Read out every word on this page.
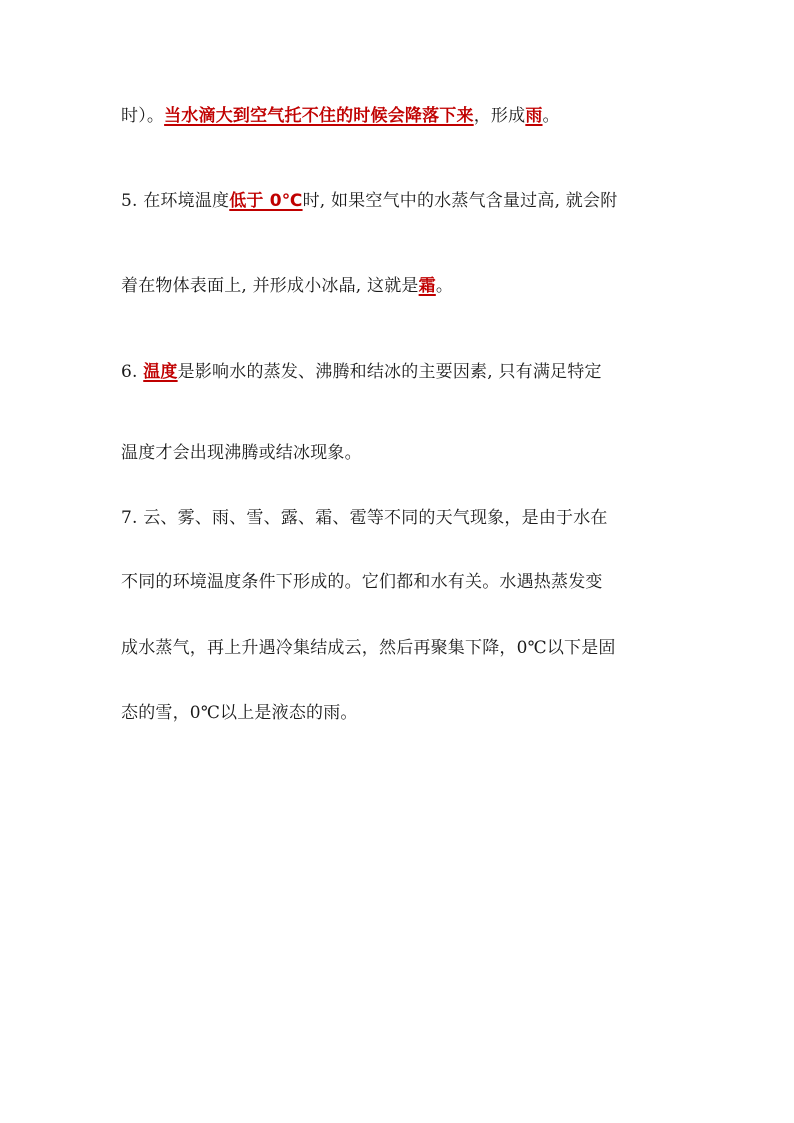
时）。当水滴大到空气托不住的时候会降落下来，形成雨。
5. 在环境温度低于 0℃时, 如果空气中的水蒸气含量过高, 就会附
着在物体表面上, 并形成小冰晶, 这就是霜。
6. 温度是影响水的蒸发、沸腾和结冰的主要因素, 只有满足特定
温度才会出现沸腾或结冰现象。
7. 云、雾、雨、雪、露、霜、雹等不同的天气现象，是由于水在
不同的环境温度条件下形成的。它们都和水有关。水遇热蒸发变
成水蒸气，再上升遇冷集结成云，然后再聚集下降，0℃以下是固
态的雪，0℃以上是液态的雨。
